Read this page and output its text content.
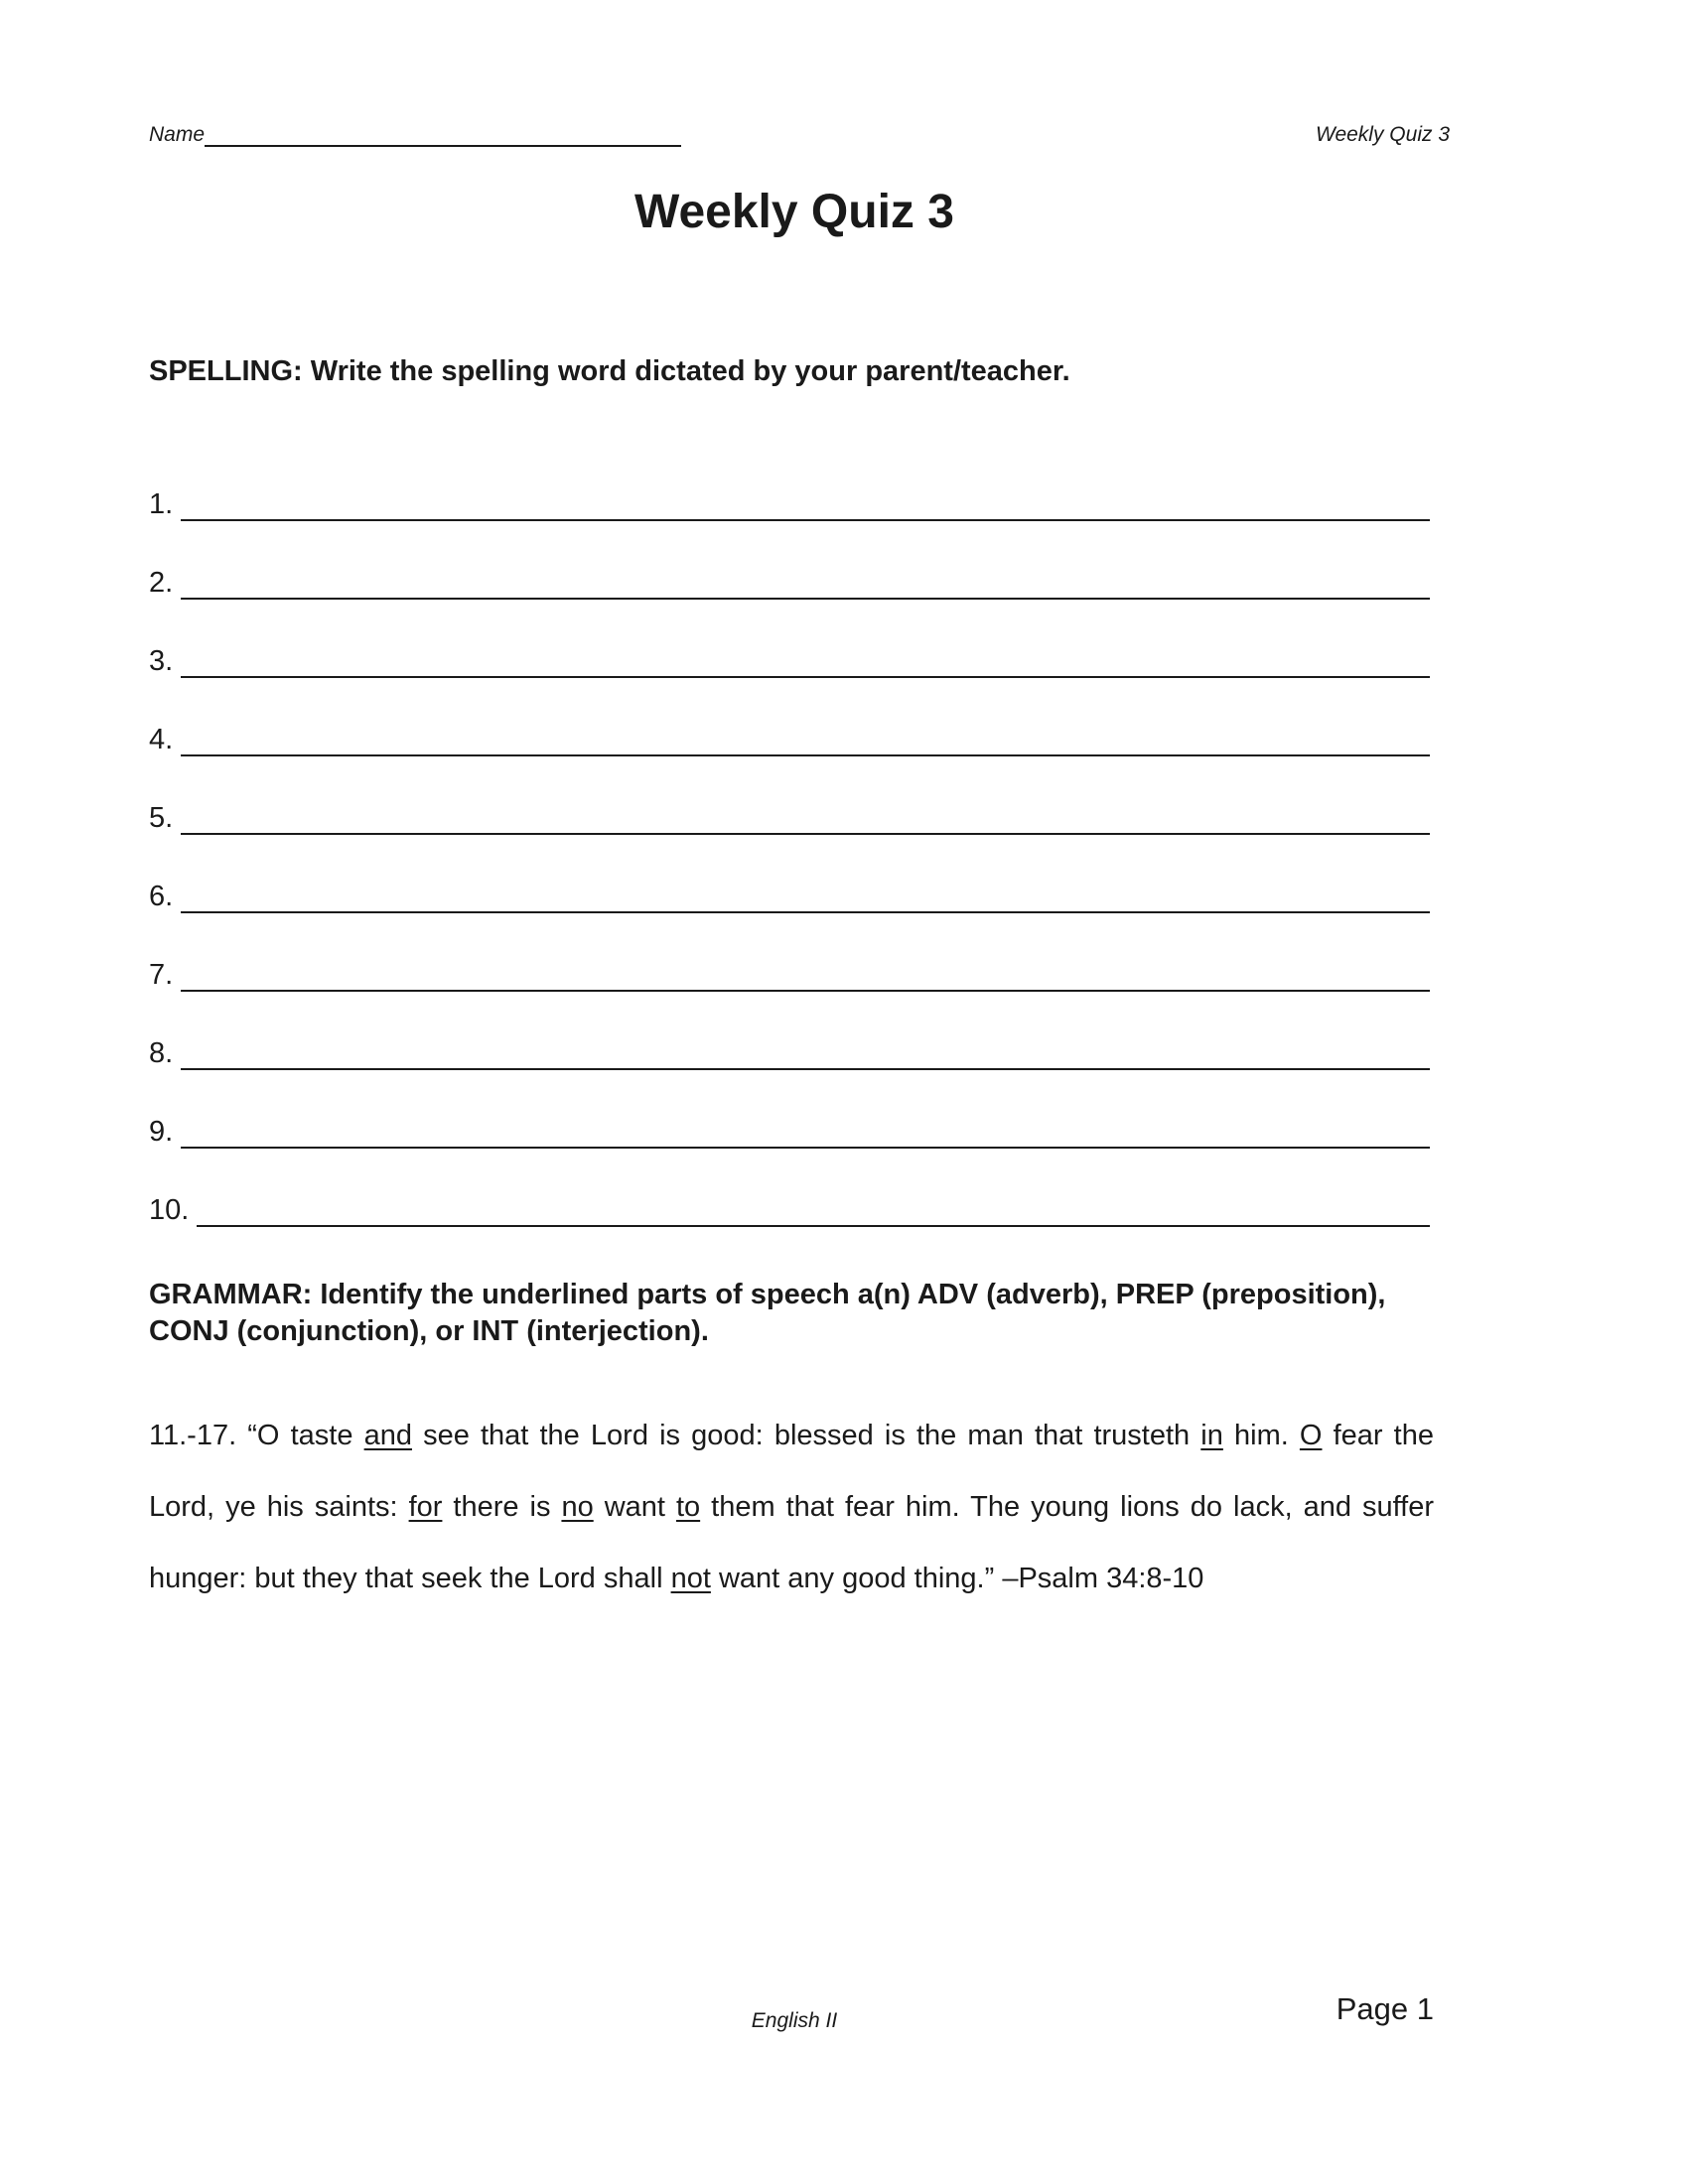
Name	Weekly Quiz 3
Weekly Quiz 3
SPELLING: Write the spelling word dictated by your parent/teacher.
1.
2.
3.
4.
5.
6.
7.
8.
9.
10.
GRAMMAR: Identify the underlined parts of speech a(n) ADV (adverb), PREP (preposition), CONJ (conjunction), or INT (interjection).
11.-17. “O taste and see that the Lord is good: blessed is the man that trusteth in him. O fear the Lord, ye his saints: for there is no want to them that fear him. The young lions do lack, and suffer hunger: but they that seek the Lord shall not want any good thing.” –Psalm 34:8-10
English II	Page 1
